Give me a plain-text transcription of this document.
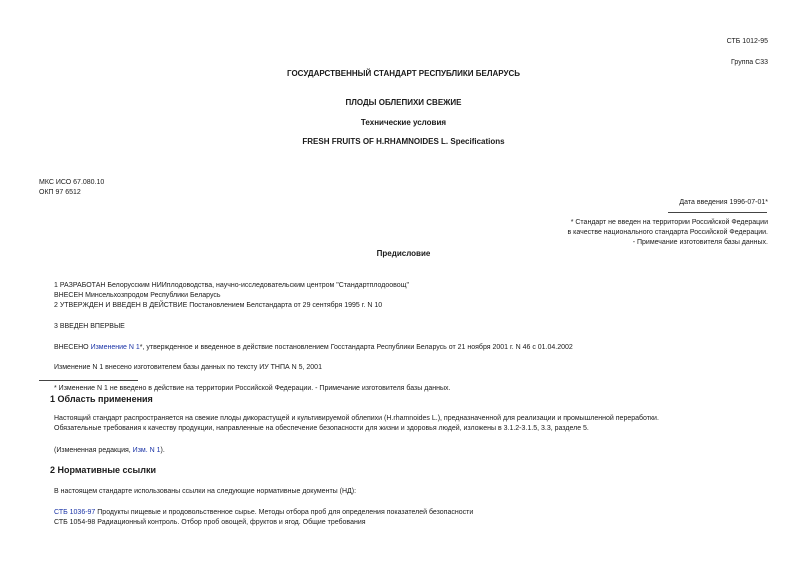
СТБ 1012-95
Группа С33
ГОСУДАРСТВЕННЫЙ СТАНДАРТ РЕСПУБЛИКИ БЕЛАРУСЬ
ПЛОДЫ ОБЛЕПИХИ СВЕЖИЕ
Технические условия
FRESH FRUITS OF H.RHAMNOIDES L. Specifications
МКС ИСО 67.080.10
ОКП 97 6512
Дата введения 1996-07-01*
* Стандарт не введен на территории Российской Федерации
в качестве национального стандарта Российской Федерации.
- Примечание изготовителя базы данных.
Предисловие
1 РАЗРАБОТАН Белорусским НИИплодоводства, научно-исследовательским центром "Стандартплодоовощ"
ВНЕСЕН Минсельхозпродом Республики Беларусь
2 УТВЕРЖДЕН И ВВЕДЕН В ДЕЙСТВИЕ Постановлением Белстандарта от 29 сентября 1995 г. N 10
3 ВВЕДЕН ВПЕРВЫЕ
ВНЕСЕНО Изменение N 1*, утвержденное и введенное в действие постановлением Госстандарта Республики Беларусь от 21 ноября 2001 г. N 46 с 01.04.2002
Изменение N 1 внесено изготовителем базы данных по тексту ИУ ТНПА N 5, 2001
* Изменение N 1 не введено в действие на территории Российской Федерации. - Примечание изготовителя базы данных.
1 Область применения
Настоящий стандарт распространяется на свежие плоды дикорастущей и культивируемой облепихи (H.rhamnoides L.), предназначенной для реализации и промышленной переработки.
Обязательные требования к качеству продукции, направленные на обеспечение безопасности для жизни и здоровья людей, изложены в 3.1.2-3.1.5, 3.3, разделе 5.
(Измененная редакция, Изм. N 1).
2 Нормативные ссылки
В настоящем стандарте использованы ссылки на следующие нормативные документы (НД):
СТБ 1036-97 Продукты пищевые и продовольственное сырье. Методы отбора проб для определения показателей безопасности
СТБ 1054-98 Радиационный контроль. Отбор проб овощей, фруктов и ягод. Общие требования
